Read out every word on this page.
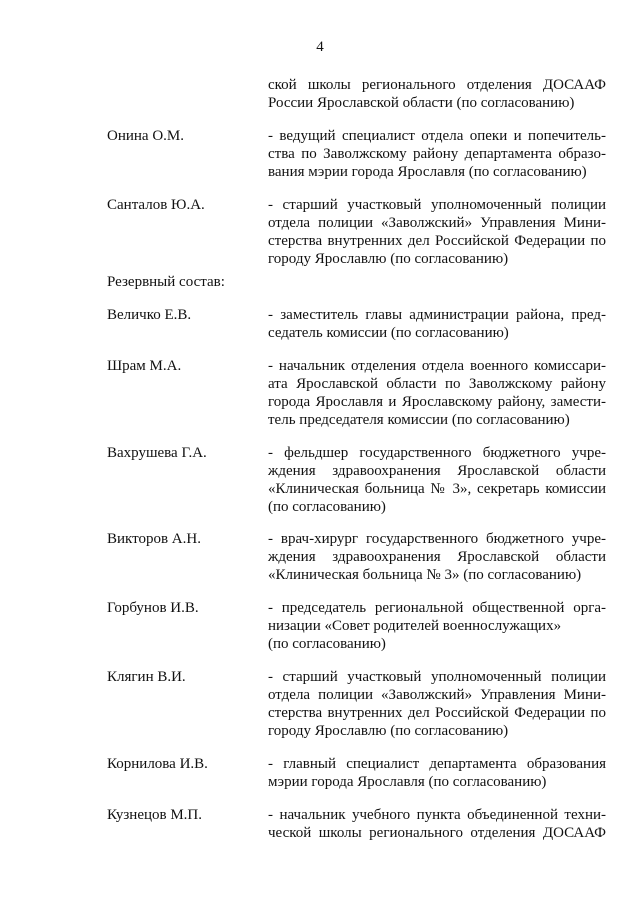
4
ской школы регионального отделения ДОСААФ
России Ярославской области (по согласованию)
Онина О.М.	- ведущий специалист отдела опеки и попечитель-
ства по Заволжскому району департамента образо-
вания мэрии города Ярославля (по согласованию)
Санталов Ю.А.	- старший участковый уполномоченный полиции
отдела полиции «Заволжский» Управления Мини-
стерства внутренних дел Российской Федерации по
городу Ярославлю (по согласованию)
Резервный состав:
Величко Е.В.	- заместитель главы администрации района, пред-
седатель комиссии (по согласованию)
Шрам М.А.	- начальник отделения отдела военного комиссари-
ата Ярославской области по Заволжскому району
города Ярославля и Ярославскому району, замести-
тель председателя комиссии (по согласованию)
Вахрушева Г.А.	- фельдшер государственного бюджетного учре-
ждения здравоохранения Ярославской области
«Клиническая больница № 3», секретарь комиссии
(по согласованию)
Викторов А.Н.	- врач-хирург государственного бюджетного учре-
ждения здравоохранения Ярославской области
«Клиническая больница № 3» (по согласованию)
Горбунов И.В.	- председатель региональной общественной орга-
низации «Совет родителей военнослужащих»
(по согласованию)
Клягин В.И.	- старший участковый уполномоченный полиции
отдела полиции «Заволжский» Управления Мини-
стерства внутренних дел Российской Федерации по
городу Ярославлю (по согласованию)
Корнилова И.В.	- главный специалист департамента образования
мэрии города Ярославля (по согласованию)
Кузнецов М.П.	- начальник учебного пункта объединенной техни-
ческой школы регионального отделения ДОСААФ
